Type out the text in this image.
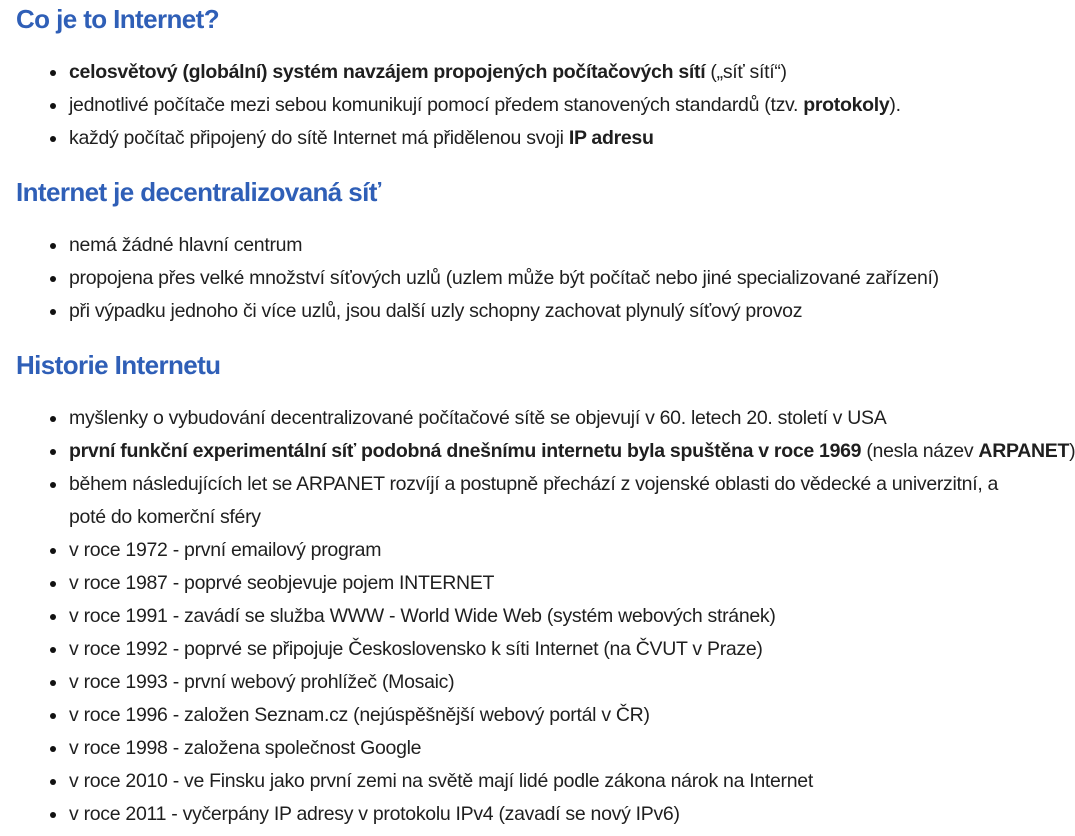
Co je to Internet?
celosvětový (globální) systém navzájem propojených počítačových sítí („síť sítí“)
jednotlivé počítače mezi sebou komunikují pomocí předem stanovených standardů (tzv. protokoly).
každý počítač připojený do sítě Internet má přidělenou svoji IP adresu
Internet je decentralizovaná síť
nemá žádné hlavní centrum
propojena přes velké množství síťových uzlů (uzlem může být počítač nebo jiné specializované zařízení)
při výpadku jednoho či více uzlů, jsou další uzly schopny zachovat plynulý síťový provoz
Historie Internetu
myšlenky o vybudování decentralizované počítačové sítě se objevují v 60. letech 20. století v USA
první funkční experimentální síť podobná dnešnímu internetu byla spuštěna v roce 1969 (nesla název ARPANET)
během následujících let se ARPANET rozvíjí a postupně přechází z vojenské oblasti do vědecké a univerzitní, a poté do komerční sféry
v roce 1972 - první emailový program
v roce 1987 - poprvé seobjevuje pojem INTERNET
v roce 1991 - zavádí se služba WWW - World Wide Web (systém webových stránek)
v roce 1992 - poprvé se připojuje Československo k síti Internet (na ČVUT v Praze)
v roce 1993 - první webový prohlížeč (Mosaic)
v roce 1996 - založen Seznam.cz (nejúspěšnější webový portál v ČR)
v roce 1998 - založena společnost Google
v roce 2010 - ve Finsku jako první zemi na světě mají lidé podle zákona nárok na Internet
v roce 2011 - vyčerpány IP adresy v protokolu IPv4 (zavadí se nový IPv6)
